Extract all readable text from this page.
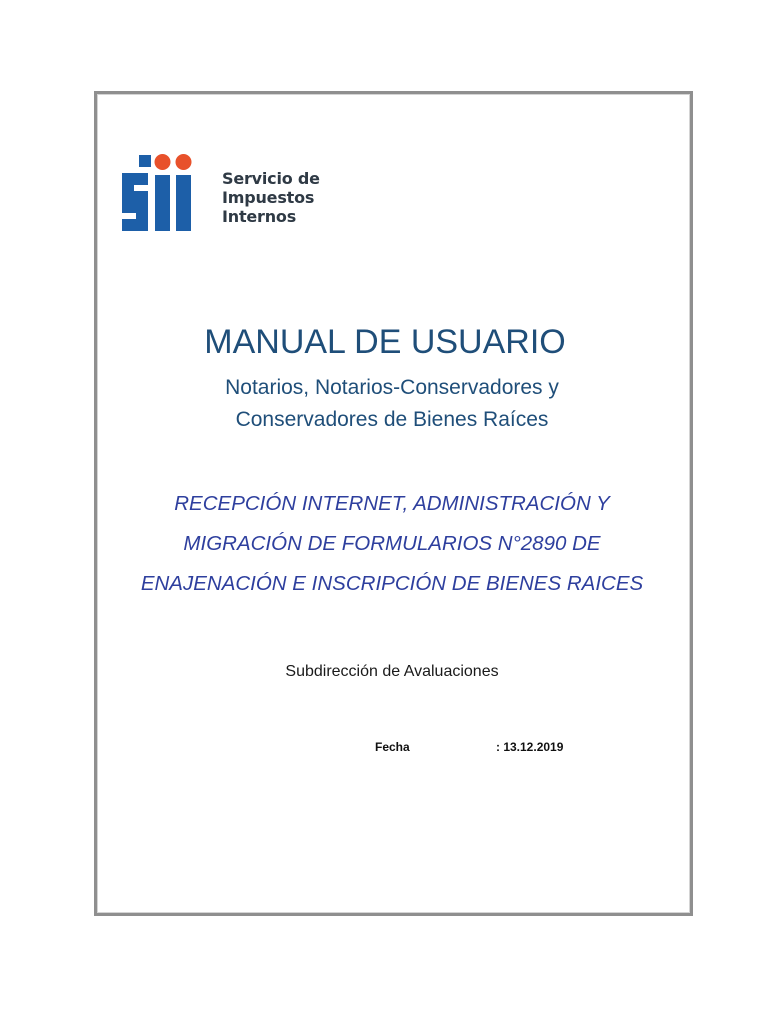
Servicio de
Impuestos
Internos
MANUAL DE USUARIO
Notarios, Notarios-Conservadores y
Conservadores de Bienes Raíces
RECEPCIÓN INTERNET, ADMINISTRACIÓN Y
MIGRACIÓN DE FORMULARIOS N°2890 DE
ENAJENACIÓN E INSCRIPCIÓN DE BIENES RAICES
Subdirección de Avaluaciones
Fecha	: 13.12.2019
